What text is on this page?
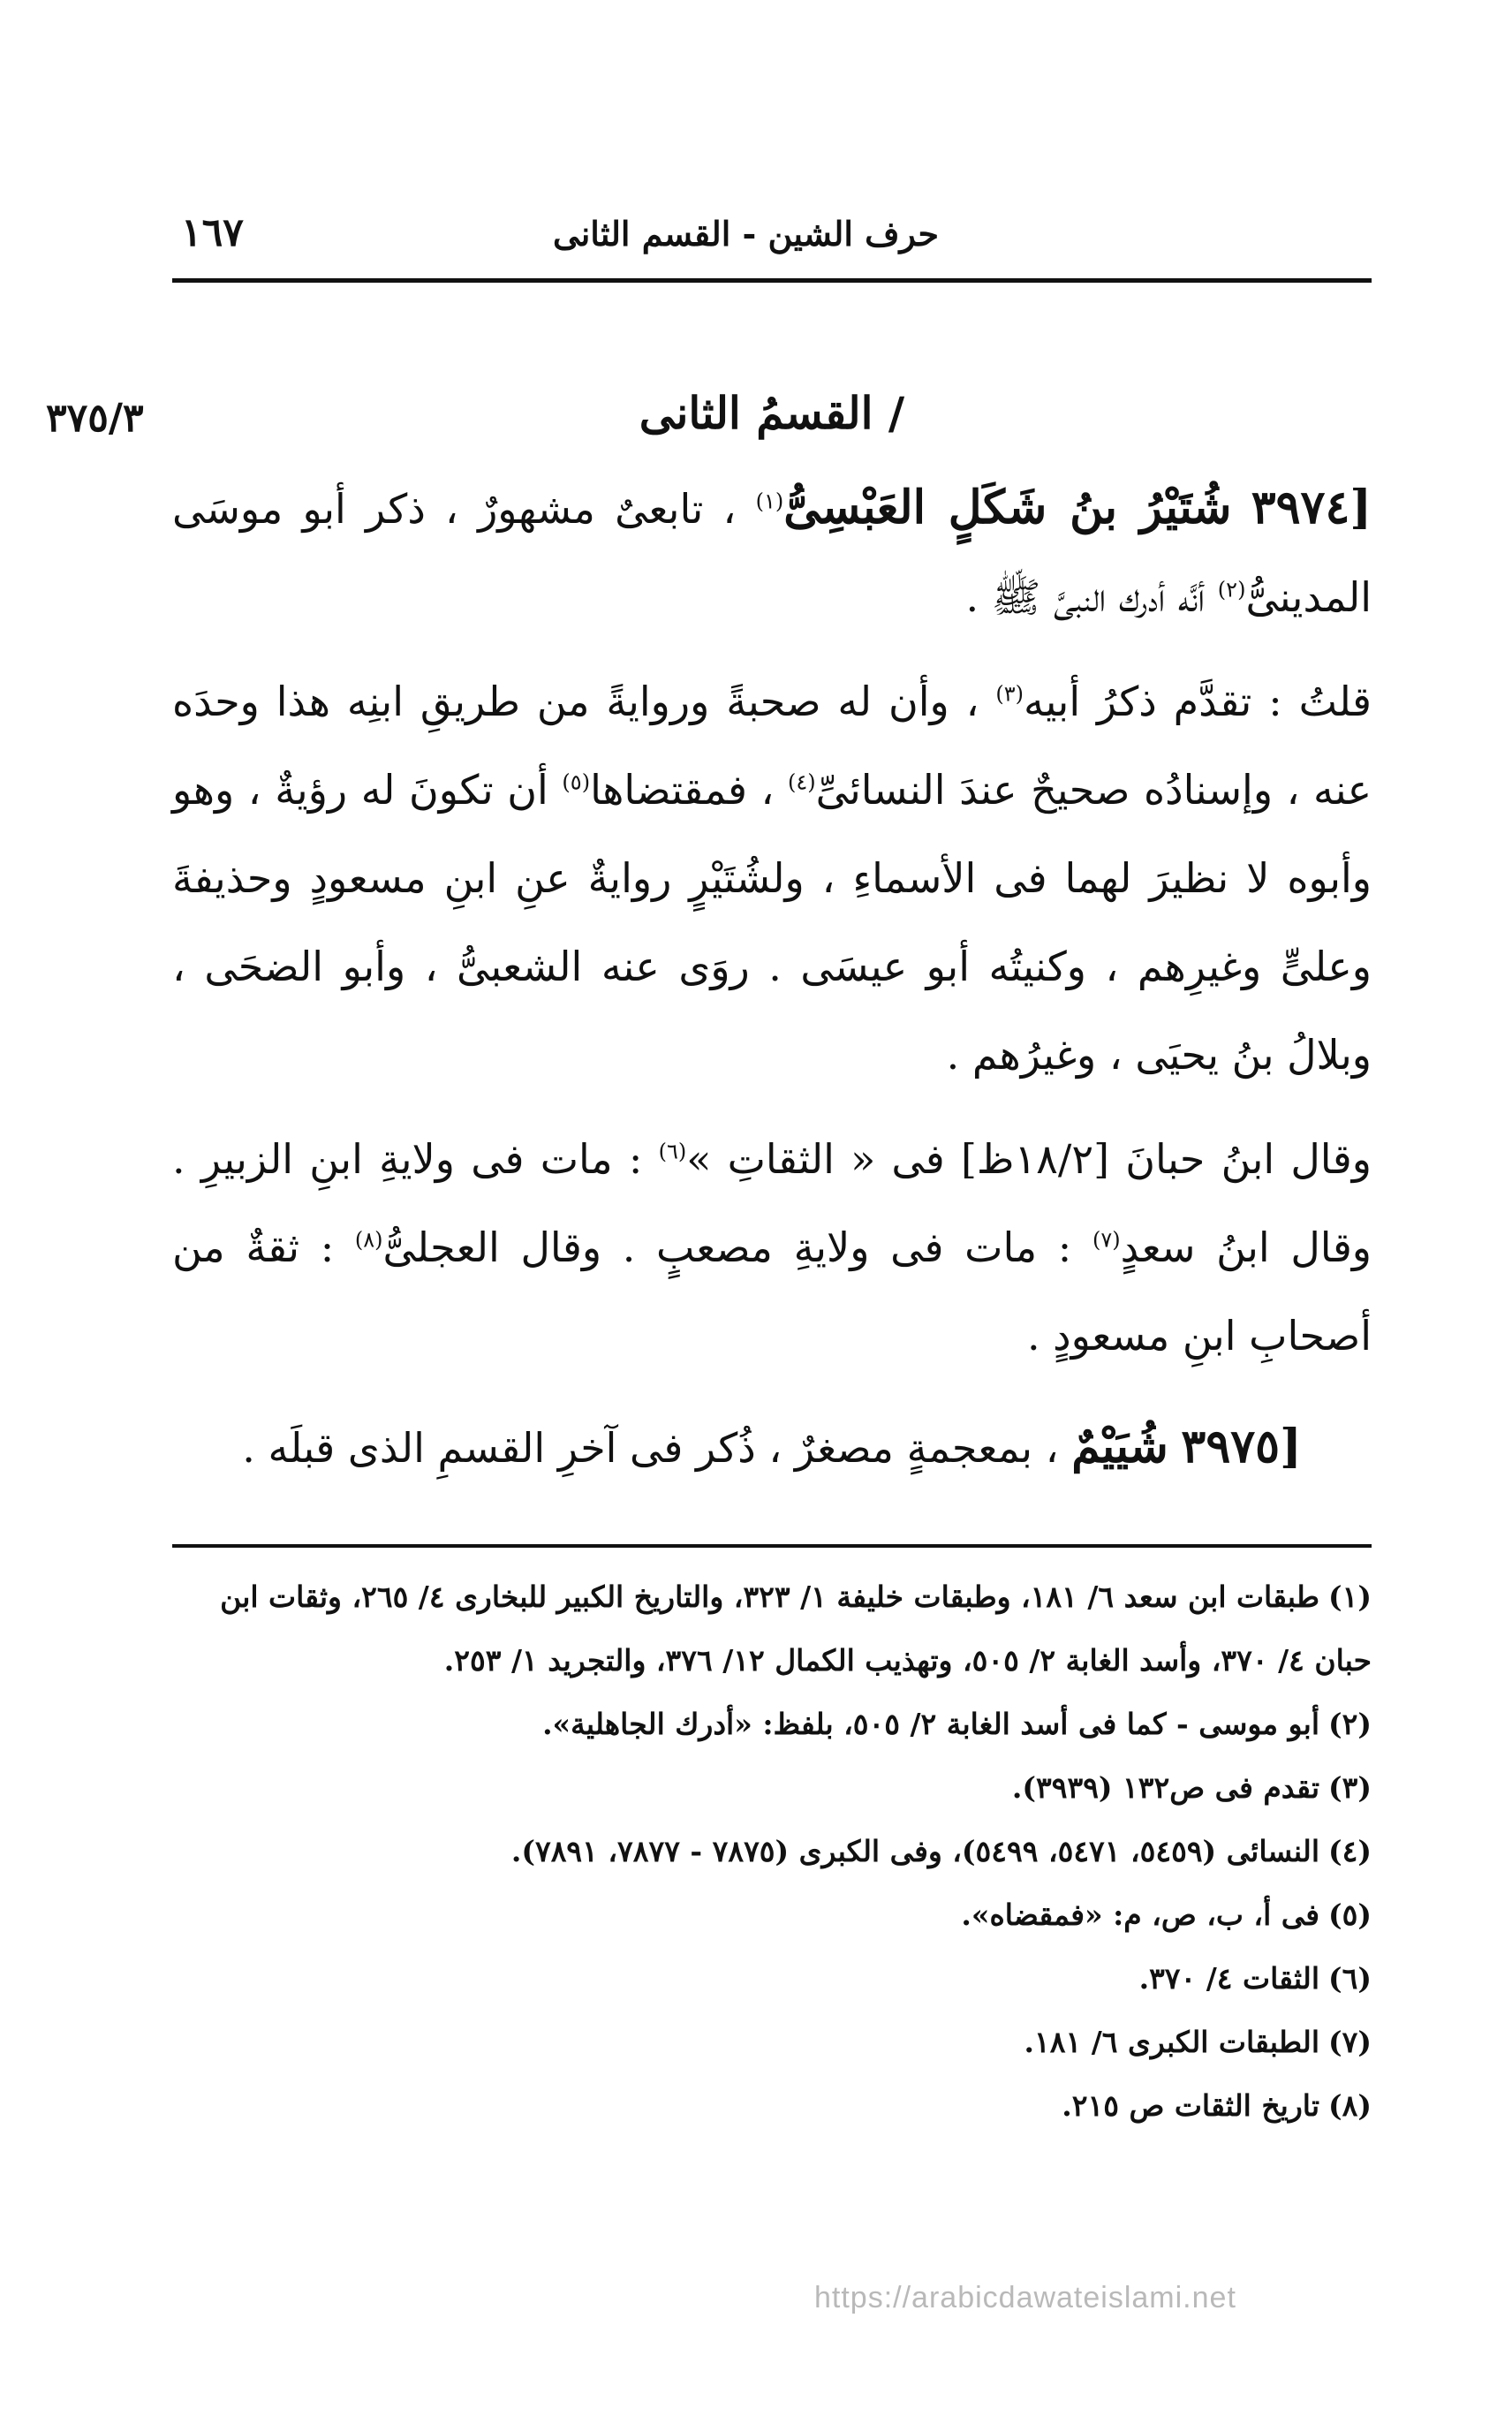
١٦٧	حرف الشين - القسم الثانى
٣٧٥/٣	/ القسمُ الثانى

[٣٩٧٤ شُتَيْرُ بنُ شَكَلٍ العَبْسِىُّ$^{(١)}$ ، تابعىٌ مشهورٌ ، ذكر أبو موسَى المدينىُّ$^{(٢)}$ أنَّه أدرك النبىَّ ﷺ .

قلتُ : تقدَّم ذكرُ أبيه$^{(٣)}$ ، وأن له صحبةً وروايةً من طريقِ ابنِه هذا وحدَه عنه ، وإسنادُه صحيحٌ عندَ النسائىِّ$^{(٤)}$ ، فمقتضاها$^{(٥)}$ أن تكونَ له رؤيةٌ ، وهو وأبوه لا نظيرَ لهما فى الأسماءِ ، ولشُتَيْرٍ روايةٌ عنِ ابنِ مسعودٍ وحذيفةَ وعلىٍّ وغيرِهم ، وكنيتُه أبو عيسَى . روَى عنه الشعبىُّ ، وأبو الضحَى ، وبلالُ بنُ يحيَى ، وغيرُهم .

وقال ابنُ حبانَ [١٨/٢ظ] فى « الثقاتِ »$^{(٦)}$ : مات فى ولايةِ ابنِ الزبيرِ . وقال ابنُ سعدٍ$^{(٧)}$ : مات فى ولايةِ مصعبٍ . وقال العجلىُّ$^{(٨)}$ : ثقةٌ من أصحابِ ابنِ مسعودٍ .

[٣٩٧٥ شُيَيْمٌ ، بمعجمةٍ مصغرٌ ، ذُكر فى آخرِ القسمِ الذى قبلَه .

(١)طبقات ابن سعد ٦/ ١٨١، وطبقات خليفة ١/ ٣٢٣، والتاريخ الكبير للبخارى ٤/ ٢٦٥، وثقات ابن حبان ٤/ ٣٧٠، وأسد الغابة ٢/ ٥٠٥، وتهذيب الكمال ١٢/ ٣٧٦، والتجريد ١/ ٢٥٣.

(٢)أبو موسى - كما فى أسد الغابة ٢/ ٥٠٥، بلفظ: «أدرك الجاهلية».

(٣)تقدم فى ص١٣٢ (٣٩٣٩).

(٤)النسائى (٥٤٥٩، ٥٤٧١، ٥٤٩٩)، وفى الكبرى (٧٨٧٥ - ٧٨٧٧، ٧٨٩١).

(٥)فى أ، ب، ص، م: «فمقضاه».

(٦)الثقات ٤/ ٣٧٠.

(٧)الطبقات الكبرى ٦/ ١٨١.

(٨)تاريخ الثقات ص ٢١٥.

https://arabicdawateislami.net
